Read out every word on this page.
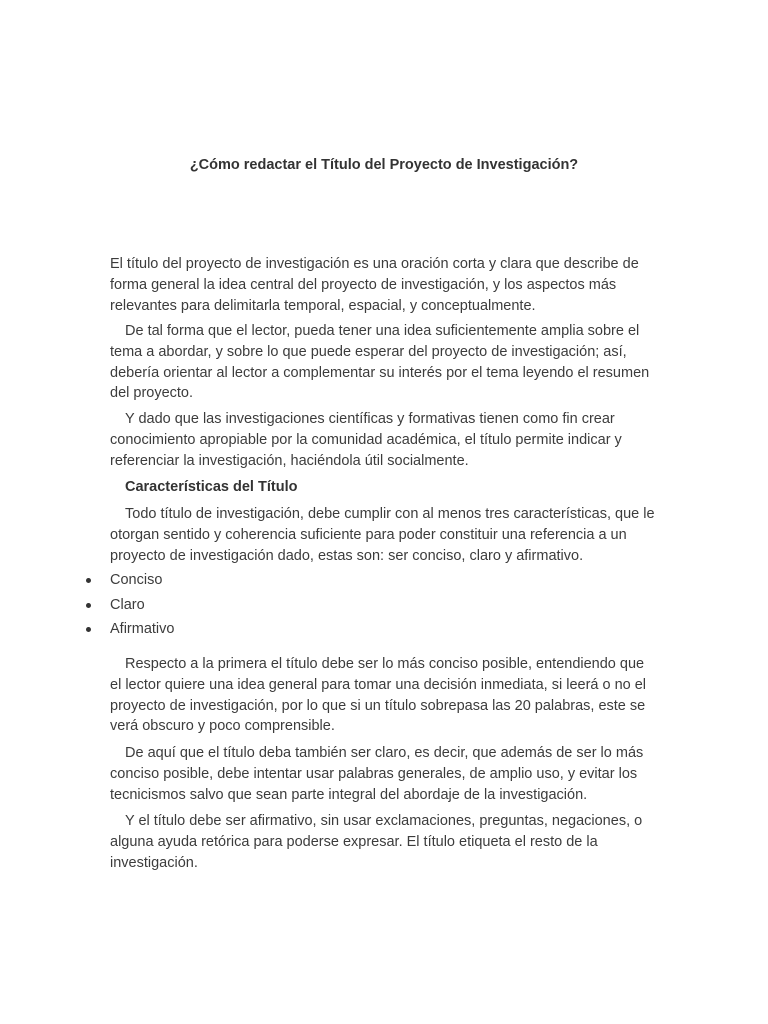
¿Cómo redactar el Título del Proyecto de Investigación?

El título del proyecto de investigación es una oración corta y clara que describe de forma general la idea central del proyecto de investigación, y los aspectos más relevantes para delimitarla temporal, espacial, y conceptualmente.

De tal forma que el lector, pueda tener una idea suficientemente amplia sobre el tema a abordar, y sobre lo que puede esperar del proyecto de investigación; así, debería orientar al lector a complementar su interés por el tema leyendo el resumen del proyecto.

Y dado que las investigaciones científicas y formativas tienen como fin crear conocimiento apropiable por la comunidad académica, el título permite indicar y referenciar la investigación, haciéndola útil socialmente.

Características del Título

Todo título de investigación, debe cumplir con al menos tres características, que le otorgan sentido y coherencia suficiente para poder constituir una referencia a un proyecto de investigación dado, estas son: ser conciso, claro y afirmativo.

Conciso
Claro
Afirmativo

Respecto a la primera el título debe ser lo más conciso posible, entendiendo que el lector quiere una idea general para tomar una decisión inmediata, si leerá o no el proyecto de investigación, por lo que si un título sobrepasa las 20 palabras, este se verá obscuro y poco comprensible.

De aquí que el título deba también ser claro, es decir, que además de ser lo más conciso posible, debe intentar usar palabras generales, de amplio uso, y evitar los tecnicismos salvo que sean parte integral del abordaje de la investigación.

Y el título debe ser afirmativo, sin usar exclamaciones, preguntas, negaciones, o alguna ayuda retórica para poderse expresar. El título etiqueta el resto de la investigación.
